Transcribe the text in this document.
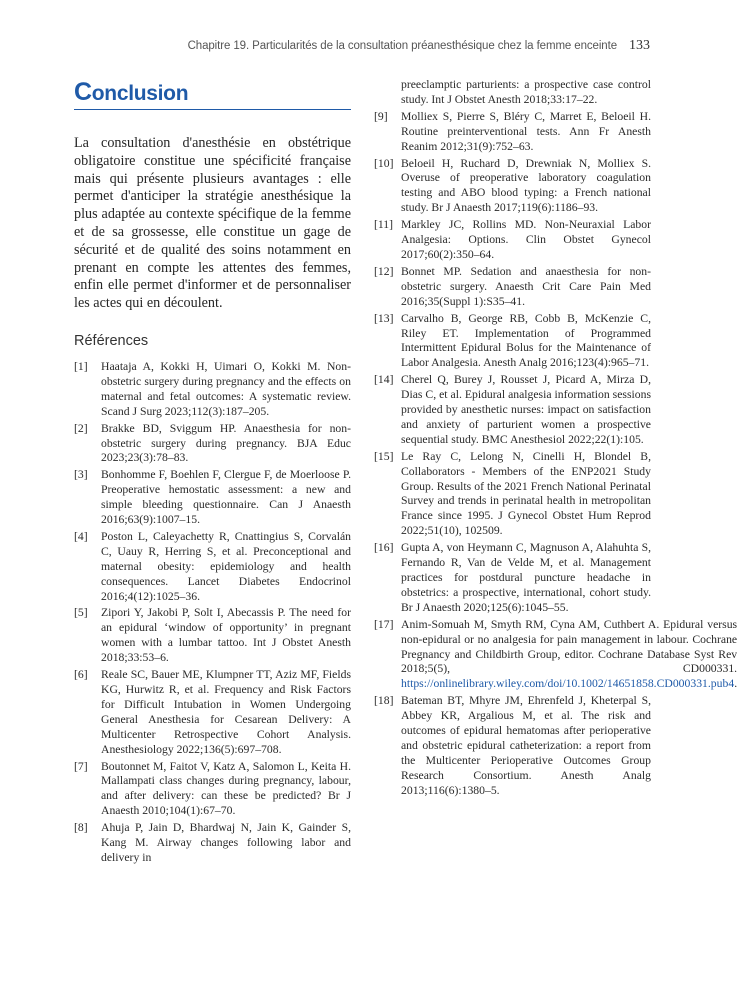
Chapitre 19. Particularités de la consultation préanesthésique chez la femme enceinte 133
Conclusion

La consultation d'anesthésie en obstétrique obligatoire constitue une spécificité française mais qui présente plusieurs avantages : elle permet d'anticiper la stratégie anesthésique la plus adaptée au contexte spécifique de la femme et de sa grossesse, elle constitue un gage de sécurité et de qualité des soins notamment en prenant en compte les attentes des femmes, enfin elle permet d'informer et de personnaliser les actes qui en découlent.

Références
[1]	Haataja A, Kokki H, Uimari O, Kokki M. Non-obstetric surgery during pregnancy and the effects on maternal and fetal outcomes: A systematic review. Scand J Surg 2023;112(3):187–205.
[2]	Brakke BD, Sviggum HP. Anaesthesia for non-obstetric surgery during pregnancy. BJA Educ 2023;23(3):78–83.
[3]	Bonhomme F, Boehlen F, Clergue F, de Moerloose P. Preoperative hemostatic assessment: a new and simple bleeding questionnaire. Can J Anaesth 2016;63(9):1007–15.
[4]	Poston L, Caleyachetty R, Cnattingius S, Corvalán C, Uauy R, Herring S, et al. Preconceptional and maternal obesity: epidemiology and health consequences. Lancet Diabetes Endocrinol 2016;4(12):1025–36.
[5]	Zipori Y, Jakobi P, Solt I, Abecassis P. The need for an epidural ‘window of opportunity’ in pregnant women with a lumbar tattoo. Int J Obstet Anesth 2018;33:53–6.
[6]	Reale SC, Bauer ME, Klumpner TT, Aziz MF, Fields KG, Hurwitz R, et al. Frequency and Risk Factors for Difficult Intubation in Women Undergoing General Anesthesia for Cesarean Delivery: A Multicenter Retrospective Cohort Analysis. Anesthesiology 2022;136(5):697–708.
[7]	Boutonnet M, Faitot V, Katz A, Salomon L, Keita H. Mallampati class changes during pregnancy, labour, and after delivery: can these be predicted? Br J Anaesth 2010;104(1):67–70.
[8]	Ahuja P, Jain D, Bhardwaj N, Jain K, Gainder S, Kang M. Airway changes following labor and delivery in
preeclamptic parturients: a prospective case control study. Int J Obstet Anesth 2018;33:17–22.
[9]	Molliex S, Pierre S, Bléry C, Marret E, Beloeil H. Routine preinterventional tests. Ann Fr Anesth Reanim 2012;31(9):752–63.
[10] Beloeil H, Ruchard D, Drewniak N, Molliex S. Overuse of preoperative laboratory coagulation testing and ABO blood typing: a French national study. Br J Anaesth 2017;119(6):1186–93.
[11] Markley JC, Rollins MD. Non-Neuraxial Labor Analgesia: Options. Clin Obstet Gynecol 2017;60(2):350–64.
[12] Bonnet MP. Sedation and anaesthesia for non-obstetric surgery. Anaesth Crit Care Pain Med 2016;35(Suppl 1):S35–41.
[13] Carvalho B, George RB, Cobb B, McKenzie C, Riley ET. Implementation of Programmed Intermittent Epidural Bolus for the Maintenance of Labor Analgesia. Anesth Analg 2016;123(4):965–71.
[14] Cherel Q, Burey J, Rousset J, Picard A, Mirza D, Dias C, et al. Epidural analgesia information sessions provided by anesthetic nurses: impact on satisfaction and anxiety of parturient women a prospective sequential study. BMC Anesthesiol 2022;22(1):105.
[15] Le Ray C, Lelong N, Cinelli H, Blondel B, Collaborators - Members of the ENP2021 Study Group. Results of the 2021 French National Perinatal Survey and trends in perinatal health in metropolitan France since 1995. J Gynecol Obstet Hum Reprod 2022;51(10), 102509.
[16] Gupta A, von Heymann C, Magnuson A, Alahuhta S, Fernando R, Van de Velde M, et al. Management practices for postdural puncture headache in obstetrics: a prospective, international, cohort study. Br J Anaesth 2020;125(6):1045–55.
[17] Anim-Somuah M, Smyth RM, Cyna AM, Cuthbert A. Epidural versus non-epidural or no analgesia for pain management in labour. Cochrane Pregnancy and Childbirth Group, editor. Cochrane Database Syst Rev 2018;5(5), CD000331. https://onlinelibrary.wiley.com/doi/10.1002/14651858.CD000331.pub4.
[18] Bateman BT, Mhyre JM, Ehrenfeld J, Kheterpal S, Abbey KR, Argalious M, et al. The risk and outcomes of epidural hematomas after perioperative and obstetric epidural catheterization: a report from the Multicenter Perioperative Outcomes Group Research Consortium. Anesth Analg 2013;116(6):1380–5.
